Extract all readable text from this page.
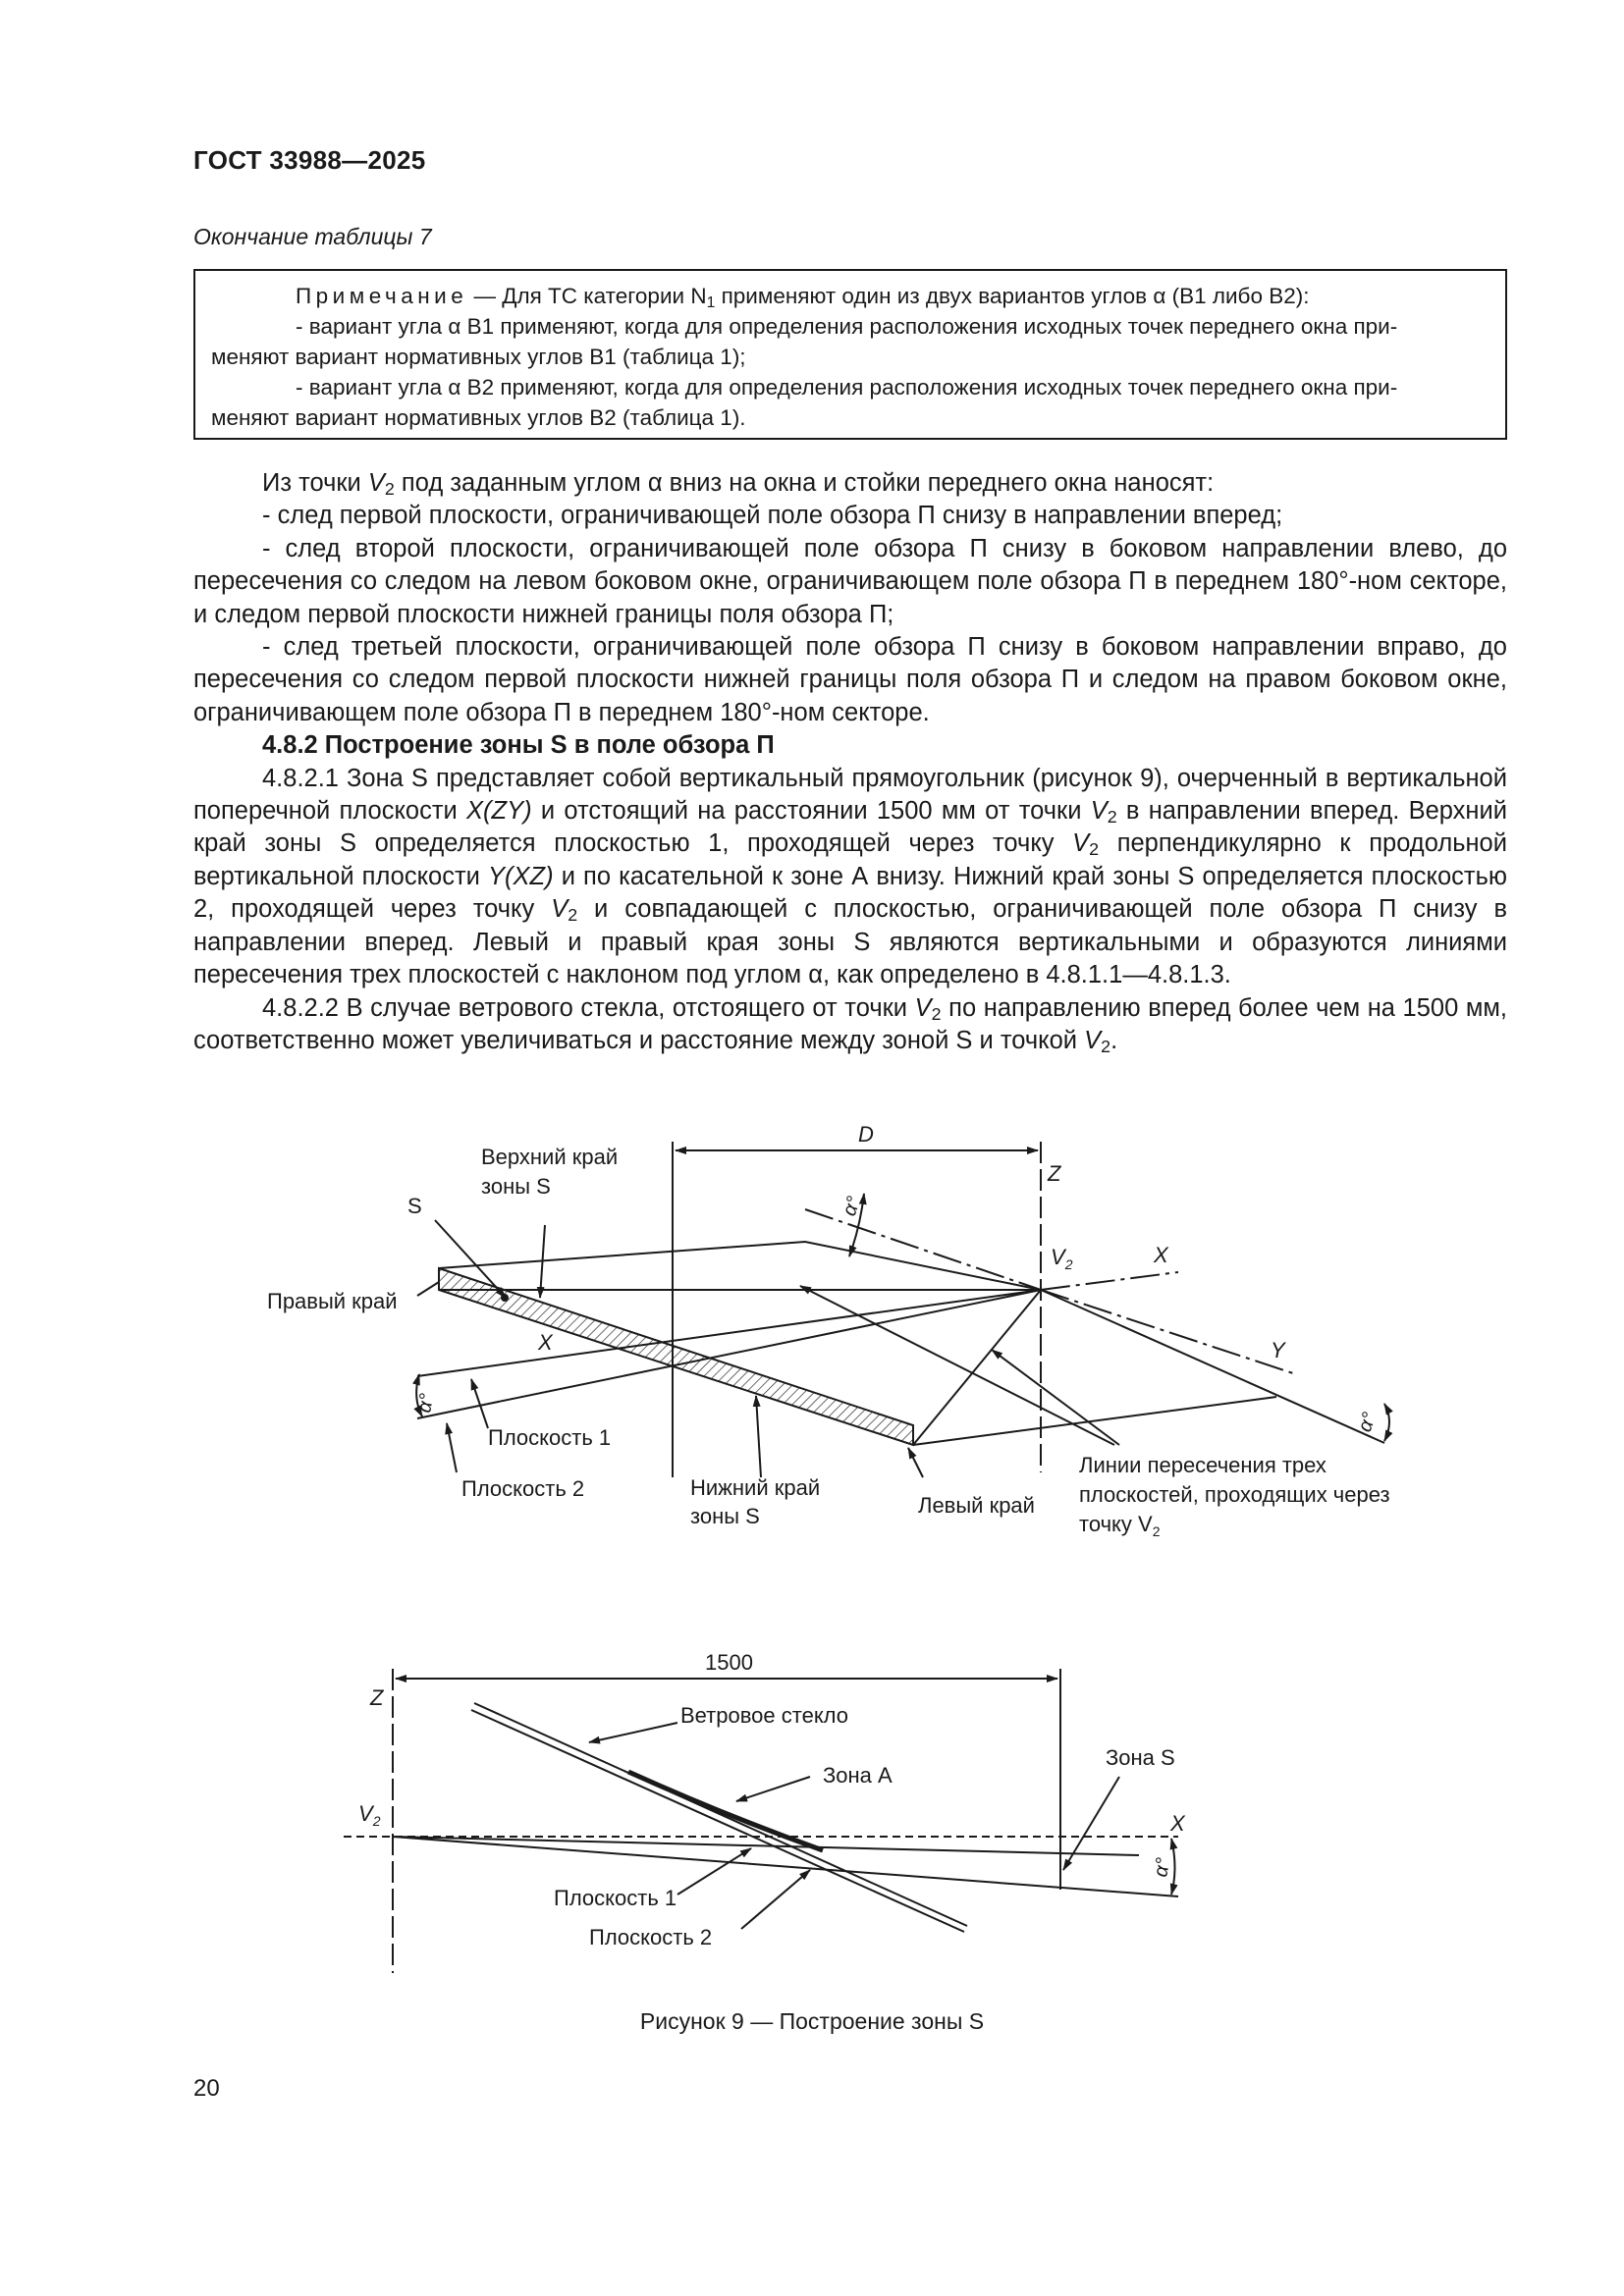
ГОСТ 33988—2025
Окончание таблицы 7
Примечание — Для ТС категории $N_1$ применяют один из двух вариантов углов α (В1 либо В2):
- вариант угла α В1 применяют, когда для определения расположения исходных точек переднего окна при-
меняют вариант нормативных углов В1 (таблица 1);
- вариант угла α В2 применяют, когда для определения расположения исходных точек переднего окна при-
меняют вариант нормативных углов В2 (таблица 1).

Из точки $V_2$ под заданным углом α вниз на окна и стойки переднего окна наносят:

- след первой плоскости, ограничивающей поле обзора П снизу в направлении вперед;

- след второй плоскости, ограничивающей поле обзора П снизу в боковом направлении влево, до пересечения со следом на левом боковом окне, ограничивающем поле обзора П в переднем 180°-ном секторе, и следом первой плоскости нижней границы поля обзора П;

- след третьей плоскости, ограничивающей поле обзора П снизу в боковом направлении вправо, до пересечения со следом первой плоскости нижней границы поля обзора П и следом на правом боковом окне, ограничивающем поле обзора П в переднем 180°-ном секторе.

4.8.2 Построение зоны S в поле обзора П

4.8.2.1 Зона S представляет собой вертикальный прямоугольник (рисунок 9), очерченный в вертикальной поперечной плоскости X(ZY) и отстоящий на расстоянии 1500 мм от точки $V_2$ в направлении вперед. Верхний край зоны S определяется плоскостью 1, проходящей через точку $V_2$ перпендикулярно к продольной вертикальной плоскости Y(XZ) и по касательной к зоне А внизу. Нижний край зоны S определяется плоскостью 2, проходящей через точку $V_2$ и совпадающей с плоскостью, ограничивающей поле обзора П снизу в направлении вперед. Левый и правый края зоны S являются вертикальными и образуются линиями пересечения трех плоскостей с наклоном под углом α, как определено в 4.8.1.1—4.8.1.3.

4.8.2.2 В случае ветрового стекла, отстоящего от точки $V_2$ по направлению вперед более чем на 1500 мм, соответственно может увеличиваться и расстояние между зоной S и точкой $V_2$.

D
Z
α°
Верхний край
зоны S
S
$V_2$	X
Правый край
X	Y
α°
α°
Плоскость 1
Плоскость 2	Нижний край
зоны S	Левый край
Линии пересечения трех
плоскостей, проходящих через
точку $V_2$
1500
Z
Ветровое стекло
Зона А
Зона S
$V_2$	X
α°
Плоскость 1
Плоскость 2
Рисунок 9 — Построение зоны S
20
